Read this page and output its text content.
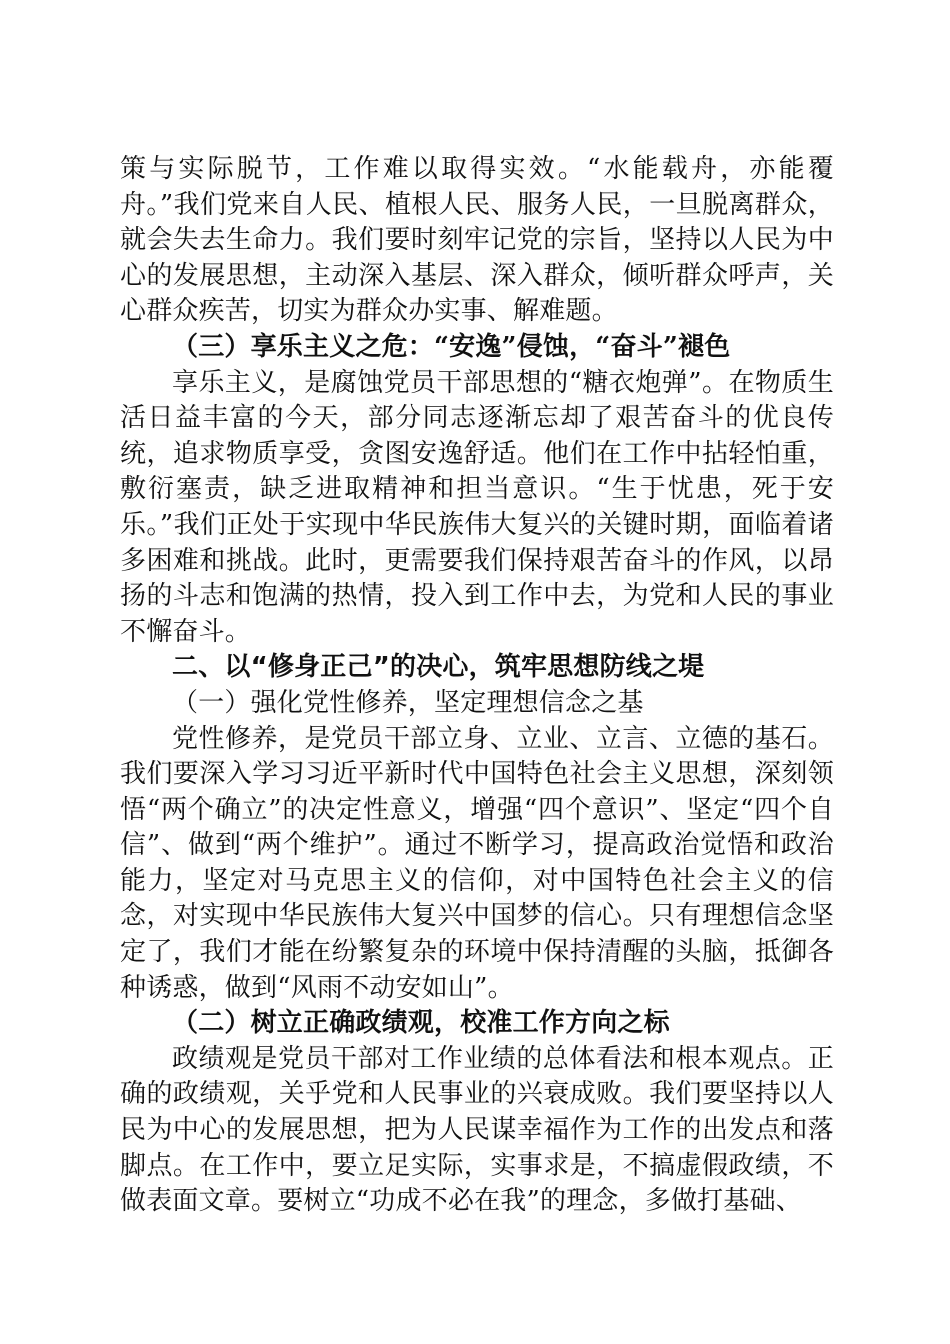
策与实际脱节，工作难以取得实效。“水能载舟，亦能覆舟。”我们党来自人民、植根人民、服务人民，一旦脱离群众，就会失去生命力。我们要时刻牢记党的宗旨，坚持以人民为中心的发展思想，主动深入基层、深入群众，倾听群众呼声，关心群众疾苦，切实为群众办实事、解难题。

（三）享乐主义之危：“安逸”侵蚀，“奋斗”褪色

享乐主义，是腐蚀党员干部思想的“糖衣炮弹”。在物质生活日益丰富的今天，部分同志逐渐忘却了艰苦奋斗的优良传统，追求物质享受，贪图安逸舒适。他们在工作中拈轻怕重，敷衍塞责，缺乏进取精神和担当意识。“生于忧患，死于安乐。”我们正处于实现中华民族伟大复兴的关键时期，面临着诸多困难和挑战。此时，更需要我们保持艰苦奋斗的作风，以昂扬的斗志和饱满的热情，投入到工作中去，为党和人民的事业不懈奋斗。

二、以“修身正己”的决心，筑牢思想防线之堤

（一）强化党性修养，坚定理想信念之基

党性修养，是党员干部立身、立业、立言、立德的基石。我们要深入学习习近平新时代中国特色社会主义思想，深刻领悟“两个确立”的决定性意义，增强“四个意识”、坚定“四个自信”、做到“两个维护”。通过不断学习，提高政治觉悟和政治能力，坚定对马克思主义的信仰，对中国特色社会主义的信念，对实现中华民族伟大复兴中国梦的信心。只有理想信念坚定了，我们才能在纷繁复杂的环境中保持清醒的头脑，抵御各种诱惑，做到“风雨不动安如山”。

（二）树立正确政绩观，校准工作方向之标

政绩观是党员干部对工作业绩的总体看法和根本观点。正确的政绩观，关乎党和人民事业的兴衰成败。我们要坚持以人民为中心的发展思想，把为人民谋幸福作为工作的出发点和落脚点。在工作中，要立足实际，实事求是，不搞虚假政绩，不做表面文章。要树立“功成不必在我”的理念，多做打基础、
